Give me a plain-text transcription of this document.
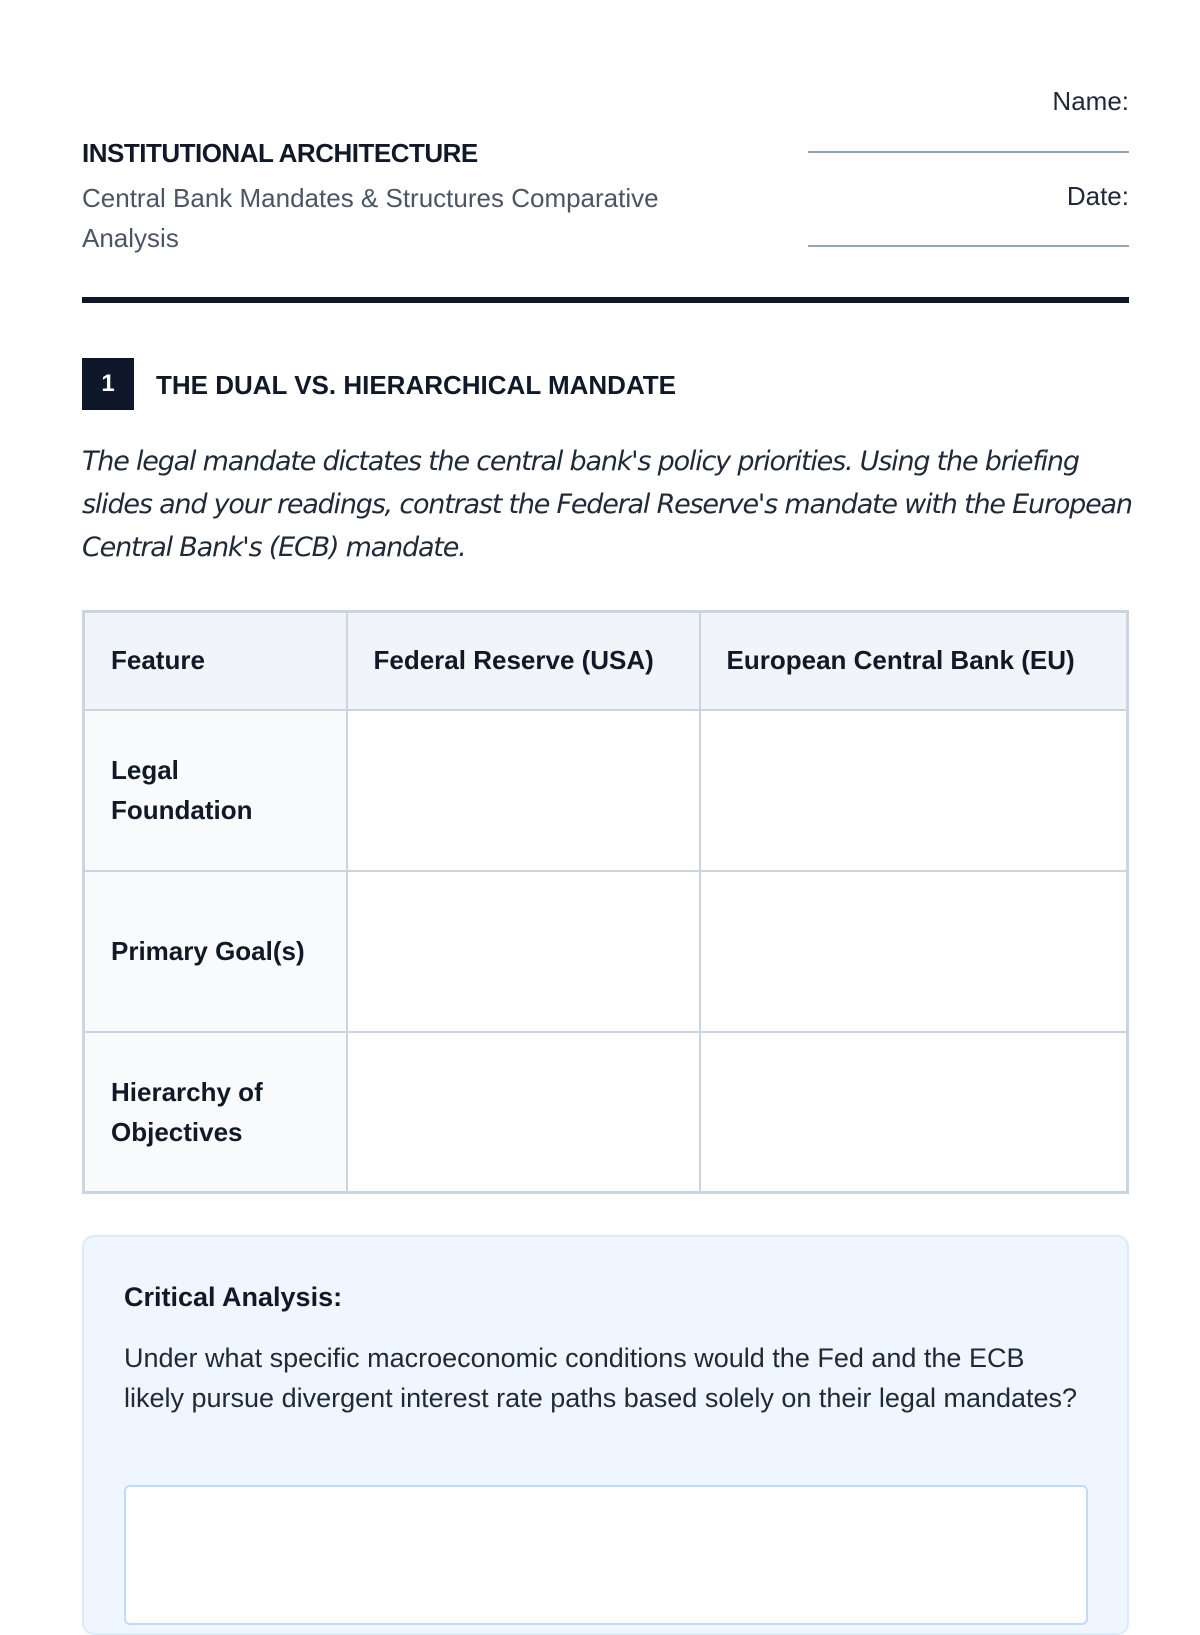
INSTITUTIONAL ARCHITECTURE
Central Bank Mandates & Structures Comparative Analysis
Name:
Date:
1	THE DUAL VS. HIERARCHICAL MANDATE
The legal mandate dictates the central bank's policy priorities. Using the briefing slides and your readings, contrast the Federal Reserve's mandate with the European Central Bank's (ECB) mandate.
Feature	Federal Reserve (USA)	European Central Bank (EU)
Legal Foundation		
Primary Goal(s)		
Hierarchy of Objectives		
Critical Analysis:
Under what specific macroeconomic conditions would the Fed and the ECB likely pursue divergent interest rate paths based solely on their legal mandates?
